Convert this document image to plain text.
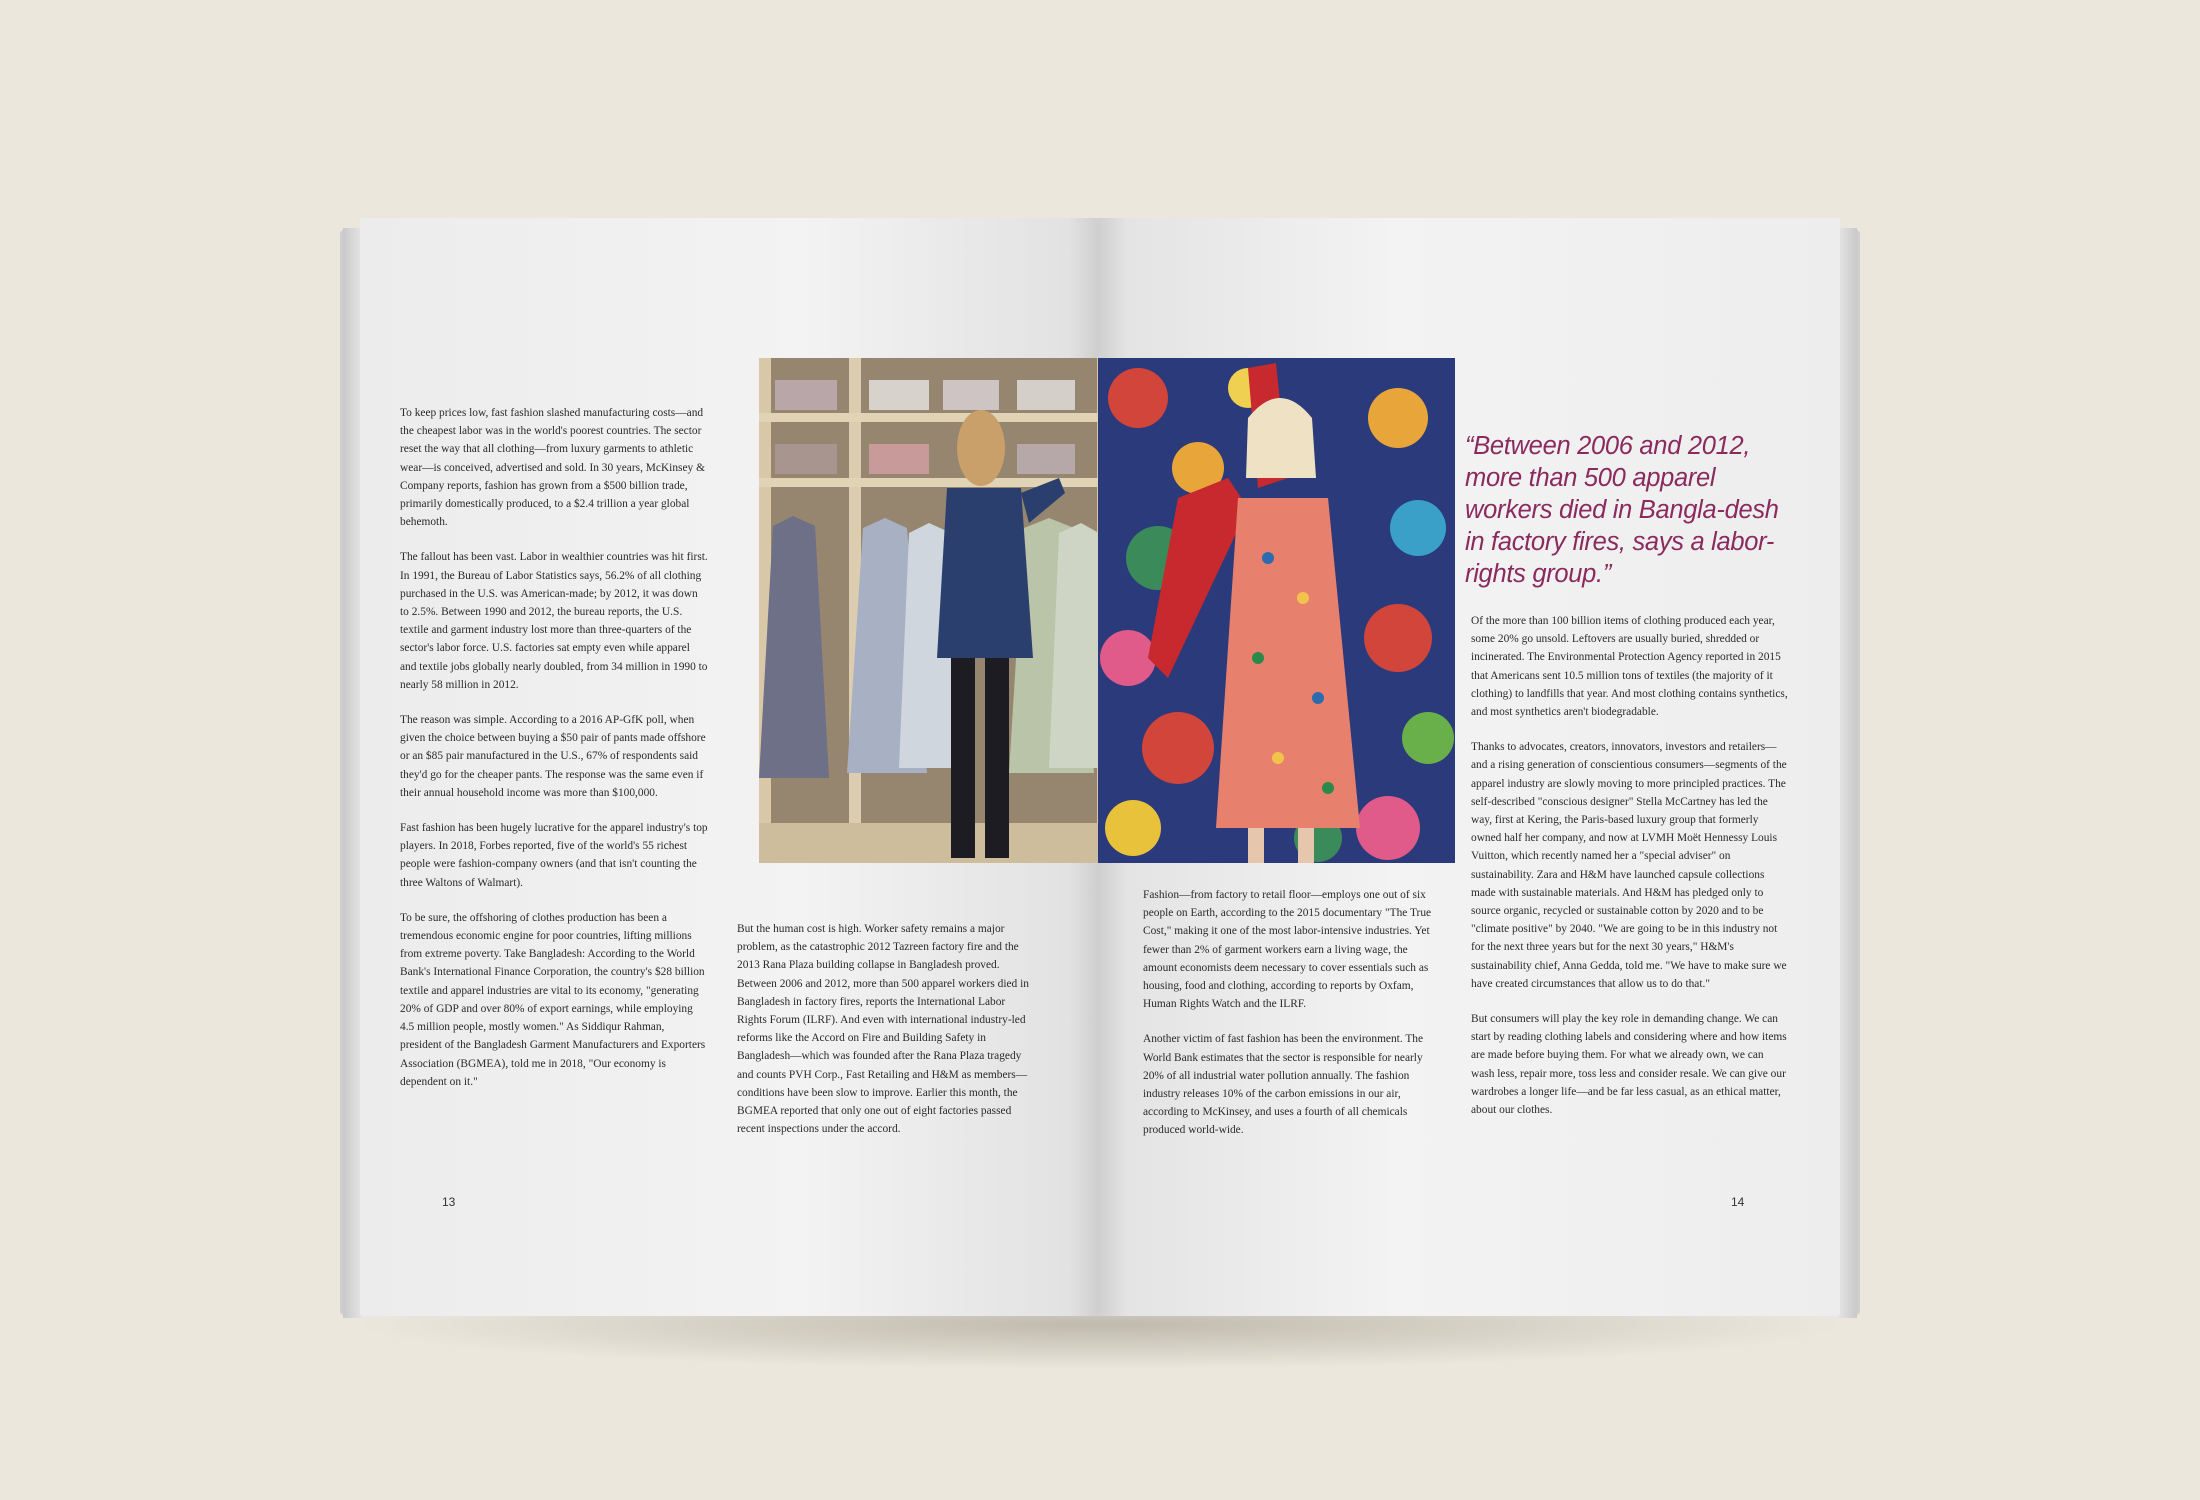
To keep prices low, fast fashion slashed manufacturing costs—and the cheapest labor was in the world's poorest countries. The sector reset the way that all clothing—from luxury garments to athletic wear—is conceived, advertised and sold. In 30 years, McKinsey & Company reports, fashion has grown from a $500 billion trade, primarily domestically produced, to a $2.4 trillion a year global behemoth.

The fallout has been vast. Labor in wealthier countries was hit first. In 1991, the Bureau of Labor Statistics says, 56.2% of all clothing purchased in the U.S. was American-made; by 2012, it was down to 2.5%. Between 1990 and 2012, the bureau reports, the U.S. textile and garment industry lost more than three-quarters of the sector's labor force. U.S. factories sat empty even while apparel and textile jobs globally nearly doubled, from 34 million in 1990 to nearly 58 million in 2012.

The reason was simple. According to a 2016 AP-GfK poll, when given the choice between buying a $50 pair of pants made offshore or an $85 pair manufactured in the U.S., 67% of respondents said they'd go for the cheaper pants. The response was the same even if their annual household income was more than $100,000.

Fast fashion has been hugely lucrative for the apparel industry's top players. In 2018, Forbes reported, five of the world's 55 richest people were fashion-company owners (and that isn't counting the three Waltons of Walmart).

To be sure, the offshoring of clothes production has been a tremendous economic engine for poor countries, lifting millions from extreme poverty. Take Bangladesh: According to the World Bank's International Finance Corporation, the country's $28 billion textile and apparel industries are vital to its economy, "generating 20% of GDP and over 80% of export earnings, while employing 4.5 million people, mostly women." As Siddiqur Rahman, president of the Bangladesh Garment Manufacturers and Exporters Association (BGMEA), told me in 2018, "Our economy is dependent on it."

But the human cost is high. Worker safety remains a major problem, as the catastrophic 2012 Tazreen factory fire and the 2013 Rana Plaza building collapse in Bangladesh proved. Between 2006 and 2012, more than 500 apparel workers died in Bangladesh in factory fires, reports the International Labor Rights Forum (ILRF). And even with international industry-led reforms like the Accord on Fire and Building Safety in Bangladesh—which was founded after the Rana Plaza tragedy and counts PVH Corp., Fast Retailing and H&M as members—conditions have been slow to improve. Earlier this month, the BGMEA reported that only one out of eight factories passed recent inspections under the accord.

13
“Between 2006 and 2012, more than 500 apparel workers died in Bangla-desh in factory fires, says a labor-rights group.”

Fashion—from factory to retail floor—employs one out of six people on Earth, according to the 2015 documentary "The True Cost," making it one of the most labor-intensive industries. Yet fewer than 2% of garment workers earn a living wage, the amount economists deem necessary to cover essentials such as housing, food and clothing, according to reports by Oxfam, Human Rights Watch and the ILRF.

Another victim of fast fashion has been the environment. The World Bank estimates that the sector is responsible for nearly 20% of all industrial water pollution annually. The fashion industry releases 10% of the carbon emissions in our air, according to McKinsey, and uses a fourth of all chemicals produced world-wide.

Of the more than 100 billion items of clothing produced each year, some 20% go unsold. Leftovers are usually buried, shredded or incinerated. The Environmental Protection Agency reported in 2015 that Americans sent 10.5 million tons of textiles (the majority of it clothing) to landfills that year. And most clothing contains synthetics, and most synthetics aren't biodegradable.

Thanks to advocates, creators, innovators, investors and retailers—and a rising generation of conscientious consumers—segments of the apparel industry are slowly moving to more principled practices. The self-described "conscious designer" Stella McCartney has led the way, first at Kering, the Paris-based luxury group that formerly owned half her company, and now at LVMH Moët Hennessy Louis Vuitton, which recently named her a "special adviser" on sustainability. Zara and H&M have launched capsule collections made with sustainable materials. And H&M has pledged only to source organic, recycled or sustainable cotton by 2020 and to be "climate positive" by 2040. "We are going to be in this industry not for the next three years but for the next 30 years," H&M's sustainability chief, Anna Gedda, told me. "We have to make sure we have created circumstances that allow us to do that."

But consumers will play the key role in demanding change. We can start by reading clothing labels and considering where and how items are made before buying them. For what we already own, we can wash less, repair more, toss less and consider resale. We can give our wardrobes a longer life—and be far less casual, as an ethical matter, about our clothes.

14
